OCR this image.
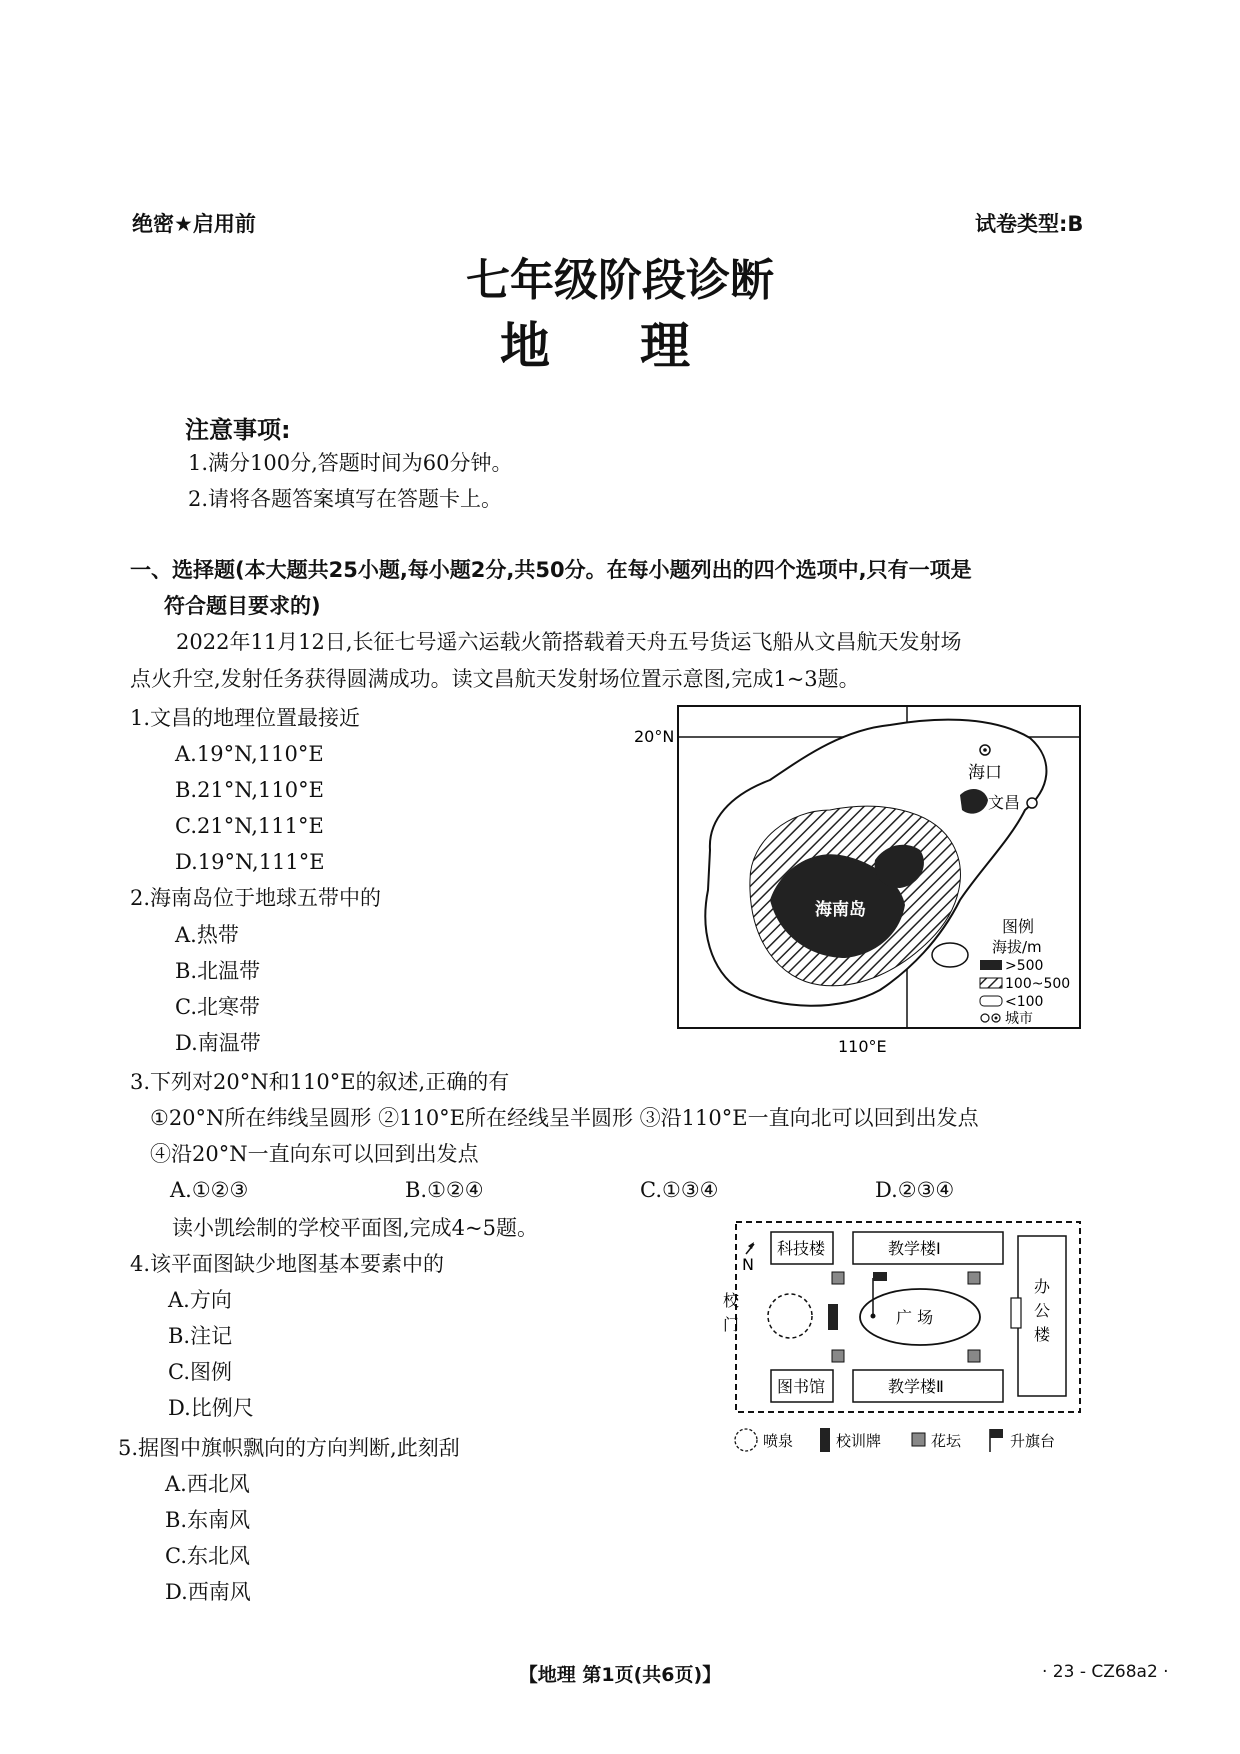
绝密★启用前	试卷类型:B
七年级阶段诊断
地理
注意事项:
1.满分100分,答题时间为60分钟。
2.请将各题答案填写在答题卡上。
一、选择题(本大题共25小题,每小题2分,共50分。在每小题列出的四个选项中,只有一项是
符合题目要求的)
2022年11月12日,长征七号遥六运载火箭搭载着天舟五号货运飞船从文昌航天发射场
点火升空,发射任务获得圆满成功。读文昌航天发射场位置示意图,完成1~3题。
1.文昌的地理位置最接近
A.19°N,110°E
B.21°N,110°E
C.21°N,111°E
D.19°N,111°E
2.海南岛位于地球五带中的
A.热带
B.北温带
C.北寒带
D.南温带
20°N
110°E
海口
文昌
海南岛
图例
海拔/m
>500
100~500
<100
城市
3.下列对20°N和110°E的叙述,正确的有
①20°N所在纬线呈圆形 ②110°E所在经线呈半圆形 ③沿110°E一直向北可以回到出发点
④沿20°N一直向东可以回到出发点
A.①②③	B.①②④	C.①③④	D.②③④
读小凯绘制的学校平面图,完成4~5题。
4.该平面图缺少地图基本要素中的
A.方向
B.注记
C.图例
D.比例尺
N
科技楼	教学楼Ⅰ
办
公
楼
图书馆	教学楼Ⅱ
广 场
校
门
喷泉	校训牌	花坛	升旗台
5.据图中旗帜飘向的方向判断,此刻刮
A.西北风
B.东南风
C.东北风
D.西南风
【地理 第1页(共6页)】	· 23 - CZ68a2 ·
